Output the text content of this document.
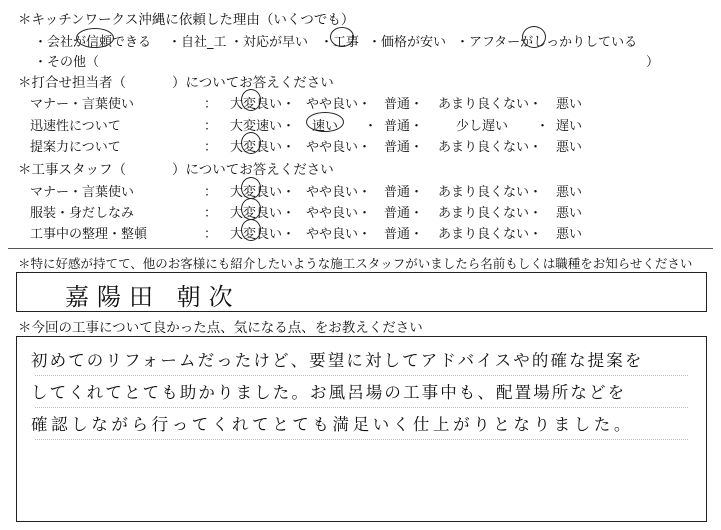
＊キッチンワークス沖縄に依頼した理由（いくつでも）
・会社が信頼できる ・自社_工 ・対応が早い ・工事 ・価格が安い ・アフターがしっかりしている
・その他（	）
＊打合せ担当者（	）についてお答えください
マナー・言葉使い	： 大変良い・ やや良い・ 普通・ あまり良くない・ 悪い
迅速性について	： 大変速い・ 速い ・ 普通・	少し遅い ・ 遅い
提案力について	： 大変良い・ やや良い・ 普通・ あまり良くない・ 悪い
＊工事スタッフ（	）についてお答えください
マナー・言葉使い	： 大変良い・ やや良い・ 普通・ あまり良くない・ 悪い
服装・身だしなみ	： 大変良い・ やや良い・ 普通・ あまり良くない・ 悪い
工事中の整理・整頓	： 大変良い・ やや良い・ 普通・ あまり良くない・ 悪い
＊特に好感が持てて、他のお客様にも紹介したいような施工スタッフがいましたら名前もしくは職種をお知らせください
嘉陽田 朝次
＊今回の工事について良かった点、気になる点、をお教えください
初めてのリフォームだったけど、要望に対してアドバイスや的確な提案を
してくれてとても助かりました。お風呂場の工事中も、配置場所などを
確認しながら行ってくれてとても満足いく仕上がりとなりました。
